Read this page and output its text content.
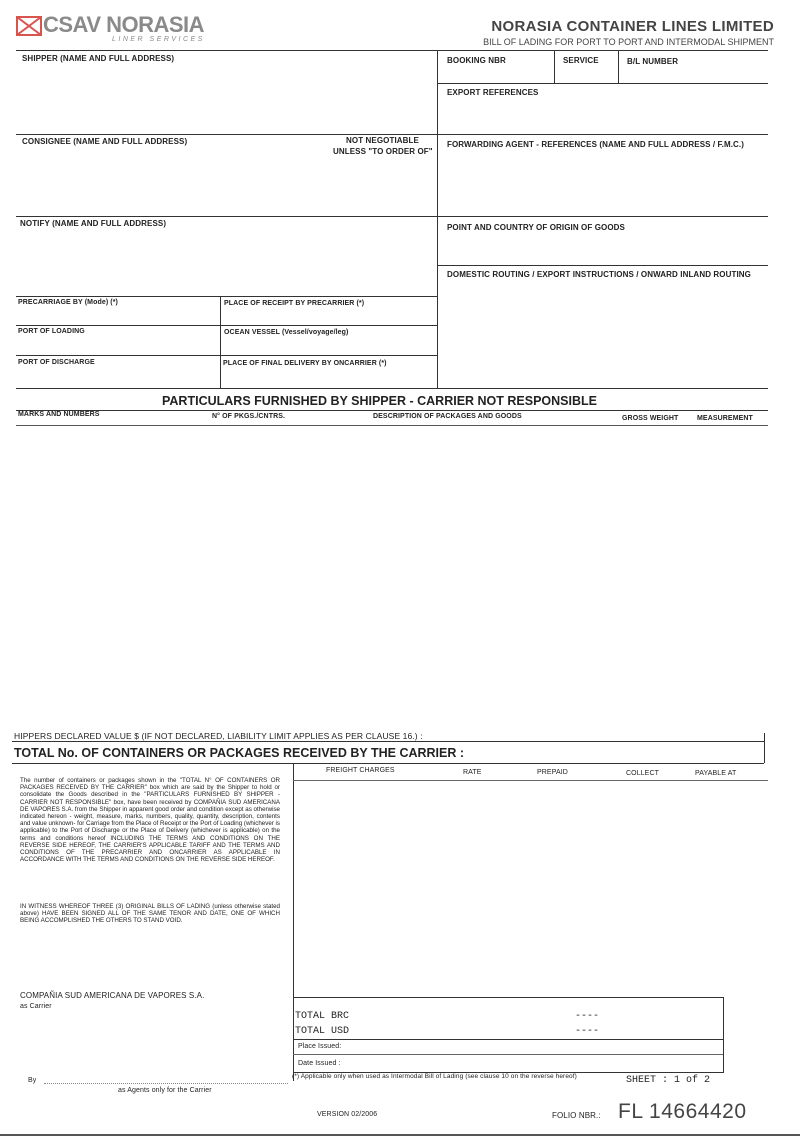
CSAV NORASIA
LINER SERVICES
NORASIA CONTAINER LINES LIMITED
BILL OF LADING FOR PORT TO PORT AND INTERMODAL SHIPMENT
SHIPPER (NAME AND FULL ADDRESS)	BOOKING NBR	SERVICE	B/L NUMBER
EXPORT REFERENCES
CONSIGNEE (NAME AND FULL ADDRESS)	NOT NEGOTIABLE
UNLESS "TO ORDER OF"
FORWARDING AGENT - REFERENCES (NAME AND FULL ADDRESS / F.M.C.)
NOTIFY (NAME AND FULL ADDRESS)	POINT AND COUNTRY OF ORIGIN OF GOODS
DOMESTIC ROUTING / EXPORT INSTRUCTIONS / ONWARD INLAND ROUTING
PRECARRIAGE BY (Mode) (*)	PLACE OF RECEIPT BY PRECARRIER (*)
PORT OF LOADING	OCEAN VESSEL (Vessel/voyage/leg)
PORT OF DISCHARGE	PLACE OF FINAL DELIVERY BY ONCARRIER (*)
PARTICULARS FURNISHED BY SHIPPER - CARRIER NOT RESPONSIBLE
MARKS AND NUMBERS	N° OF PKGS./CNTRS.	DESCRIPTION OF PACKAGES AND GOODS	GROSS WEIGHT	MEASUREMENT
HIPPERS DECLARED VALUE $ (IF NOT DECLARED, LIABILITY LIMIT APPLIES AS PER CLAUSE 16.) :
TOTAL No. OF CONTAINERS OR PACKAGES RECEIVED BY THE CARRIER :
FREIGHT CHARGES	RATE	PREPAID	COLLECT	PAYABLE AT
The number of containers or packages shown in the "TOTAL N° OF CONTAINERS OR PACKAGES RECEIVED BY THE CARRIER" box which are said by the Shipper to hold or consolidate the Goods described in the "PARTICULARS FURNISHED BY SHIPPER - CARRIER NOT RESPONSIBLE" box, have been received by COMPAÑIA SUD AMERICANA DE VAPORES S.A. from the Shipper in apparent good order and condition except as otherwise indicated hereon - weight, measure, marks, numbers, quality, quantity, description, contents and value unknown- for Carriage from the Place of Receipt or the Port of Loading (whichever is applicable) to the Port of Discharge or the Place of Delivery (whichever is applicable) on the terms and conditions hereof INCLUDING THE TERMS AND CONDITIONS ON THE REVERSE SIDE HEREOF, THE CARRIER'S APPLICABLE TARIFF AND THE TERMS AND CONDITIONS OF THE PRECARRIER AND ONCARRIER AS APPLICABLE IN ACCORDANCE WITH THE TERMS AND CONDITIONS ON THE REVERSE SIDE HEREOF.
IN WITNESS WHEREOF THREE (3) ORIGINAL BILLS OF LADING (unless otherwise stated above) HAVE BEEN SIGNED ALL OF THE SAME TENOR AND DATE, ONE OF WHICH BEING ACCOMPLISHED THE OTHERS TO STAND VOID.
COMPAÑIA SUD AMERICANA DE VAPORES S.A.
as Carrier
TOTAL BRC	----
TOTAL USD	----
Place Issued:
Date Issued :
By
as Agents only for the Carrier
(*) Applicable only when used as Intermodal Bill of Lading (see clause 10 on the reverse hereof)	SHEET : 1 of 2
VERSION 02/2006	FOLIO NBR.: FL 14664420
